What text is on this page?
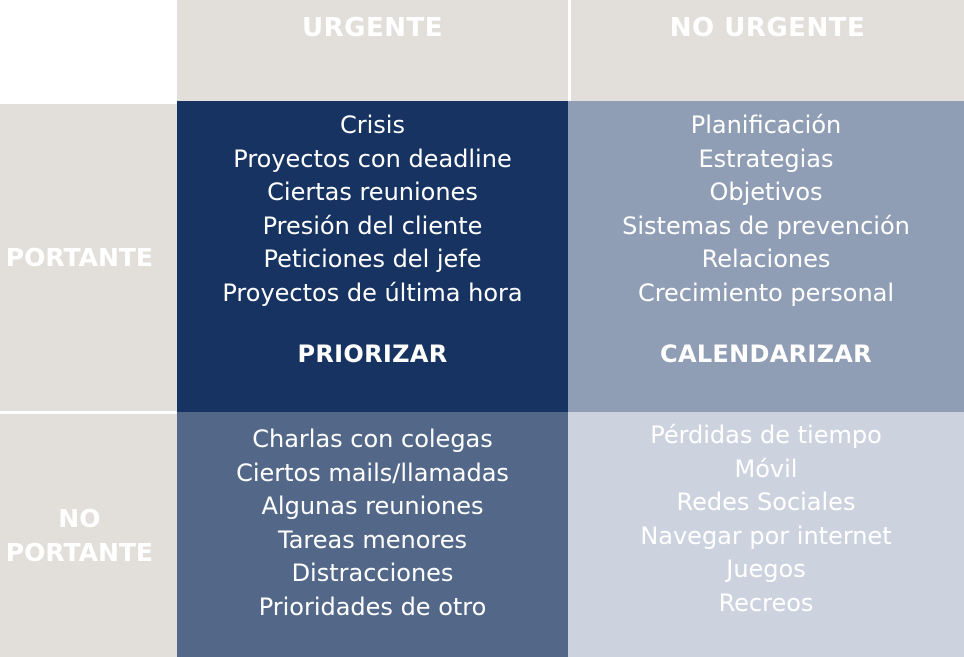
URGENTE	NO URGENTE
PORTANTE
NO
PORTANTE
Crisis
Proyectos con deadline
Ciertas reuniones
Presión del cliente
Peticiones del jefe
Proyectos de última hora
PRIORIZAR
Planificación
Estrategias
Objetivos
Sistemas de prevención
Relaciones
Crecimiento personal
CALENDARIZAR
Charlas con colegas
Ciertos mails/llamadas
Algunas reuniones
Tareas menores
Distracciones
Prioridades de otro
Pérdidas de tiempo
Móvil
Redes Sociales
Navegar por internet
Juegos
Recreos
